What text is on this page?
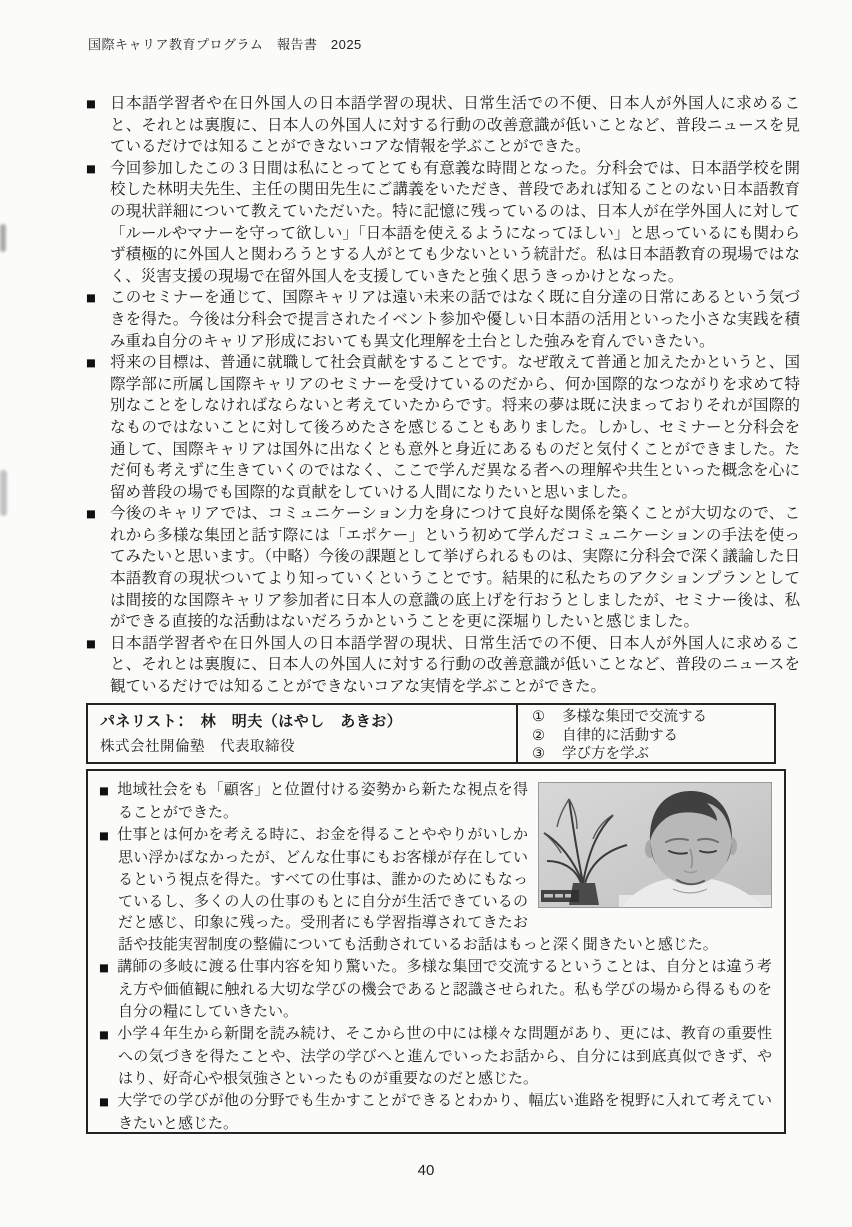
国際キャリア教育プログラム　報告書　2025
■ 日本語学習者や在日外国人の日本語学習の現状、日常生活での不便、日本人が外国人に求めること、それとは裏腹に、日本人の外国人に対する行動の改善意識が低いことなど、普段ニュースを見ているだけでは知ることができないコアな情報を学ぶことができた。

■ 今回参加したこの３日間は私にとってとても有意義な時間となった。分科会では、日本語学校を開校した林明夫先生、主任の関田先生にご講義をいただき、普段であれば知ることのない日本語教育の現状詳細について教えていただいた。特に記憶に残っているのは、日本人が在学外国人に対して「ルールやマナーを守って欲しい」「日本語を使えるようになってほしい」と思っているにも関わらず積極的に外国人と関わろうとする人がとても少ないという統計だ。私は日本語教育の現場ではなく、災害支援の現場で在留外国人を支援していきたと強く思うきっかけとなった。

■ このセミナーを通じて、国際キャリアは遠い未来の話ではなく既に自分達の日常にあるという気づきを得た。今後は分科会で提言されたイベント参加や優しい日本語の活用といった小さな実践を積み重ね自分のキャリア形成においても異文化理解を土台とした強みを育んでいきたい。

■ 将来の目標は、普通に就職して社会貢献をすることです。なぜ敢えて普通と加えたかというと、国際学部に所属し国際キャリアのセミナーを受けているのだから、何か国際的なつながりを求めて特別なことをしなければならないと考えていたからです。将来の夢は既に決まっておりそれが国際的なものではないことに対して後ろめたさを感じることもありました。しかし、セミナーと分科会を通して、国際キャリアは国外に出なくとも意外と身近にあるものだと気付くことができました。ただ何も考えずに生きていくのではなく、ここで学んだ異なる者への理解や共生といった概念を心に留め普段の場でも国際的な貢献をしていける人間になりたいと思いました。

■ 今後のキャリアでは、コミュニケーション力を身につけて良好な関係を築くことが大切なので、これから多様な集団と話す際には「エポケー」という初めて学んだコミュニケーションの手法を使ってみたいと思います。（中略）今後の課題として挙げられるものは、実際に分科会で深く議論した日本語教育の現状ついてより知っていくということです。結果的に私たちのアクションプランとしては間接的な国際キャリア参加者に日本人の意識の底上げを行おうとしましたが、セミナー後は、私ができる直接的な活動はないだろうかということを更に深堀りしたいと感じました。

■ 日本語学習者や在日外国人の日本語学習の現状、日常生活での不便、日本人が外国人に求めること、それとは裏腹に、日本人の外国人に対する行動の改善意識が低いことなど、普段のニュースを観ているだけでは知ることができないコアな実情を学ぶことができた。

パネリスト：　林　明夫（はやし　あきお）
株式会社開倫塾　代表取締役
① 多様な集団で交流する
② 自律的に活動する
③ 学び方を学ぶ

■ 地域社会をも「顧客」と位置付ける姿勢から新たな視点を得ることができた。

■ 仕事とは何かを考える時に、お金を得ることややりがいしか思い浮かばなかったが、どんな仕事にもお客様が存在しているという視点を得た。すべての仕事は、誰かのためにもなっているし、多くの人の仕事のもとに自分が生活できているのだと感じ、印象に残った。受刑者にも学習指導されてきたお話や技能実習制度の整備についても活動されているお話はもっと深く聞きたいと感じた。

■ 講師の多岐に渡る仕事内容を知り驚いた。多様な集団で交流するということは、自分とは違う考え方や価値観に触れる大切な学びの機会であると認識させられた。私も学びの場から得るものを自分の糧にしていきたい。

■ 小学４年生から新聞を読み続け、そこから世の中には様々な問題があり、更には、教育の重要性への気づきを得たことや、法学の学びへと進んでいったお話から、自分には到底真似できず、やはり、好奇心や根気強さといったものが重要なのだと感じた。

■ 大学での学びが他の分野でも生かすことができるとわかり、幅広い進路を視野に入れて考えていきたいと感じた。

40
